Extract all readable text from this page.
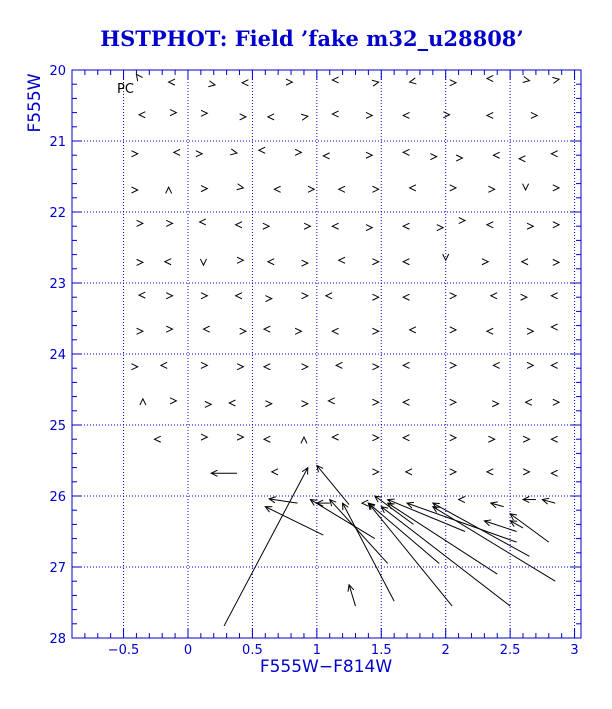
HSTPHOT: Field ’fake m32_u28808’
−0.5	0	0.5	1	1.5	2	2.5	3
20
21
22
23
24
25
26
27
28
PC
F555W−F814W
F555W
